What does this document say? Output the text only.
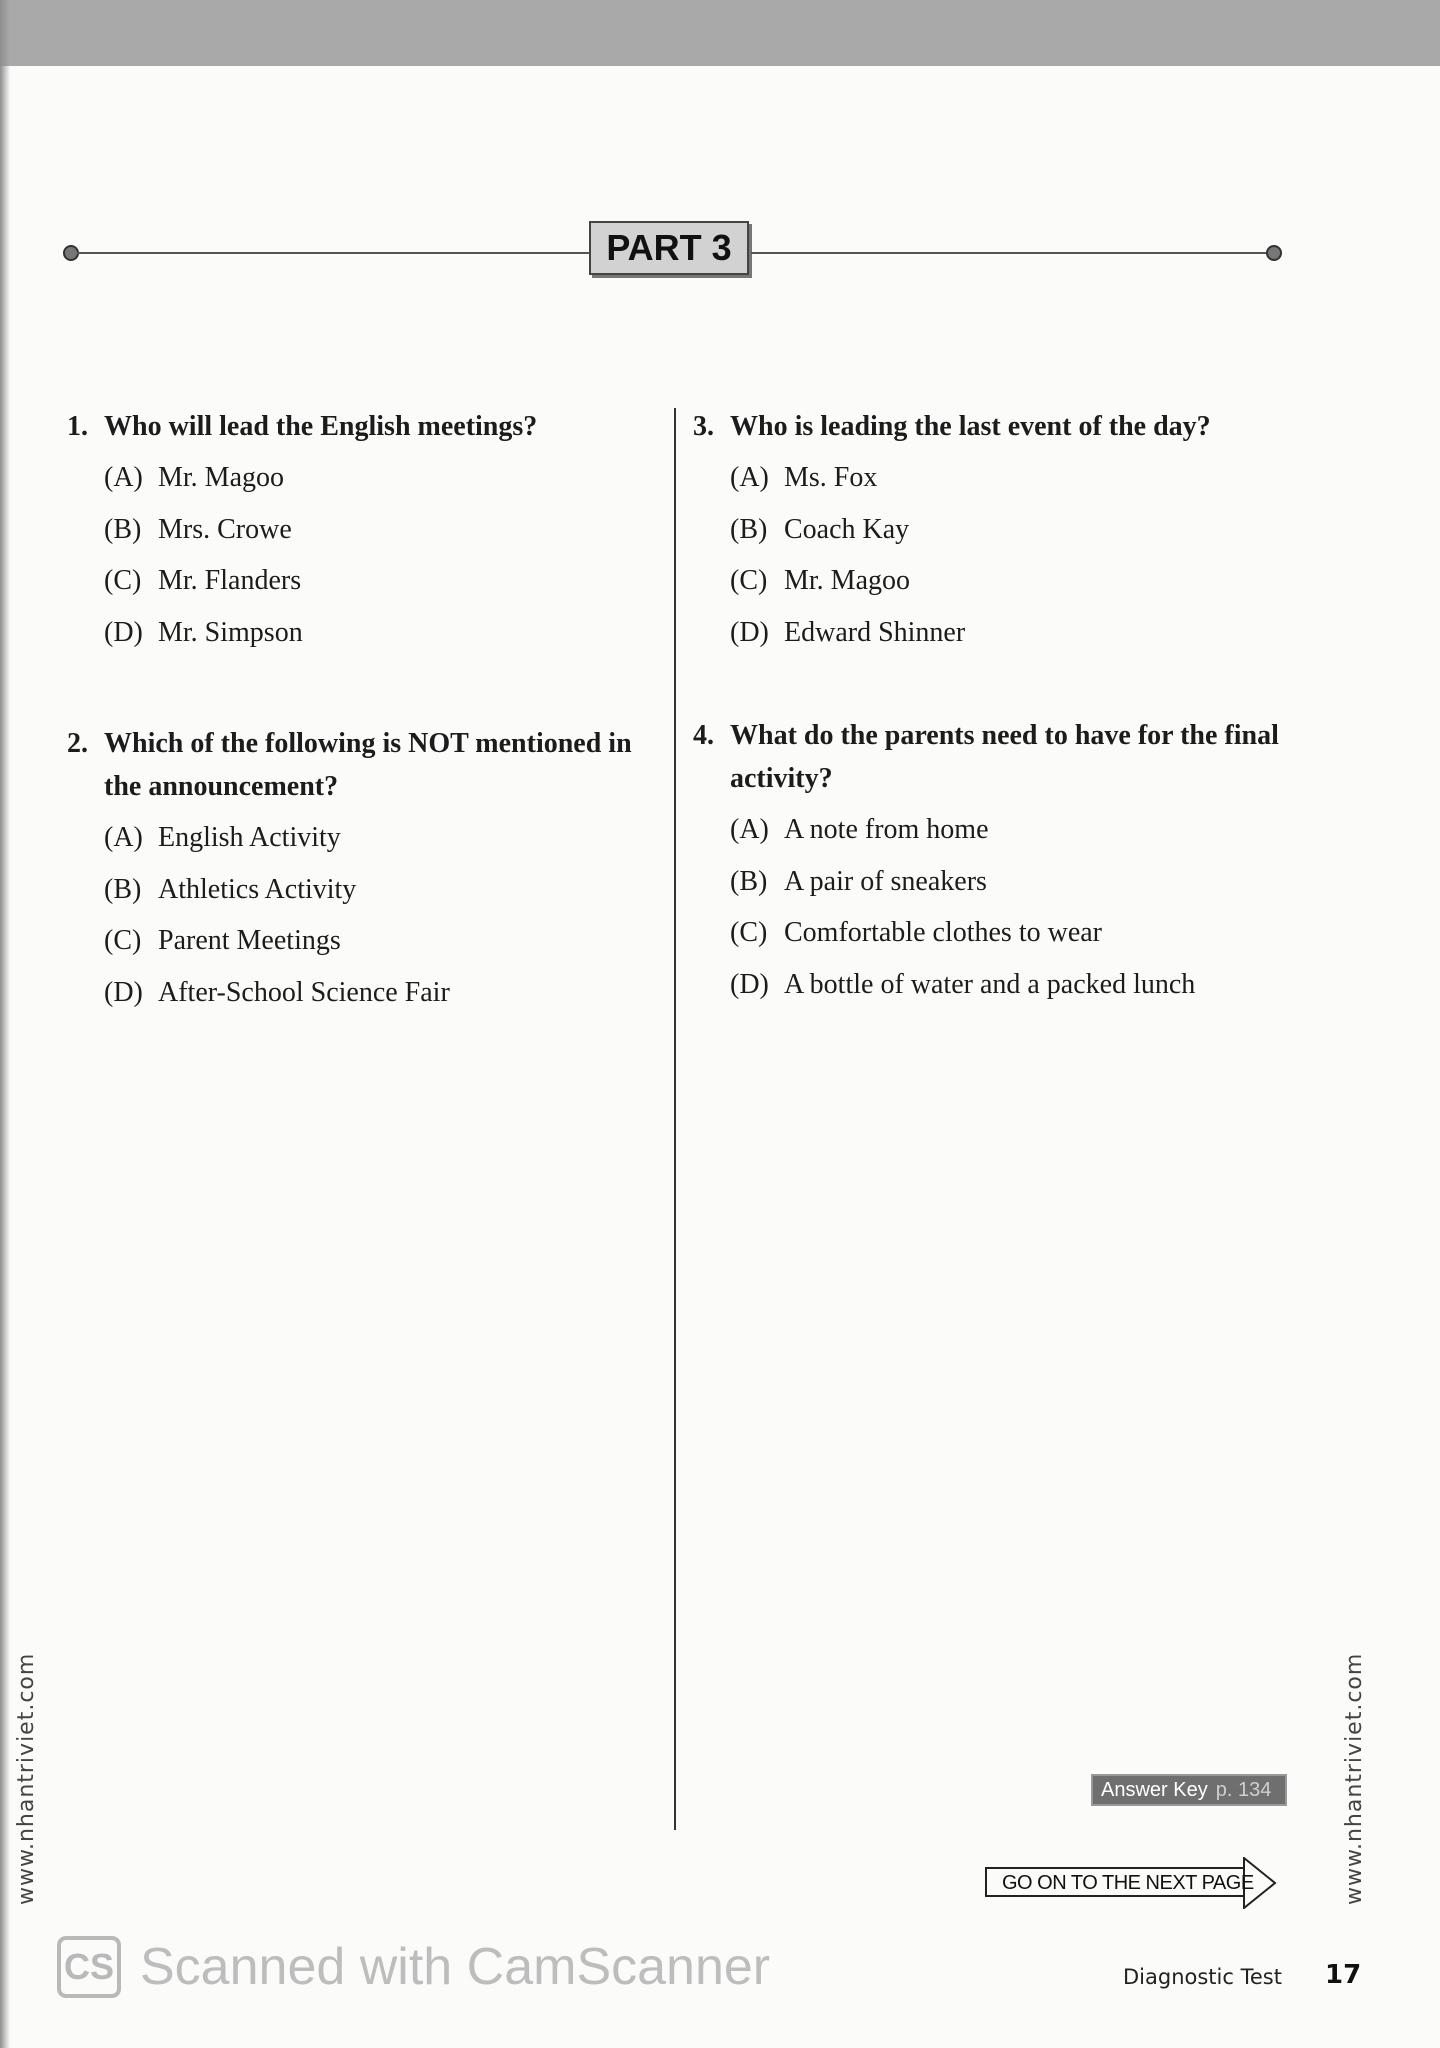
PART 3
1. Who will lead the English meetings?
(A) Mr. Magoo
(B) Mrs. Crowe
(C) Mr. Flanders
(D) Mr. Simpson
2. Which of the following is NOT mentioned in the announcement?
(A) English Activity
(B) Athletics Activity
(C) Parent Meetings
(D) After-School Science Fair
3. Who is leading the last event of the day?
(A) Ms. Fox
(B) Coach Kay
(C) Mr. Magoo
(D) Edward Shinner
4. What do the parents need to have for the final activity?
(A) A note from home
(B) A pair of sneakers
(C) Comfortable clothes to wear
(D) A bottle of water and a packed lunch
www.nhantriviet.com	www.nhantriviet.com
Answer Key p. 134
GO ON TO THE NEXT PAGE
CS Scanned with CamScanner	Diagnostic Test 17
